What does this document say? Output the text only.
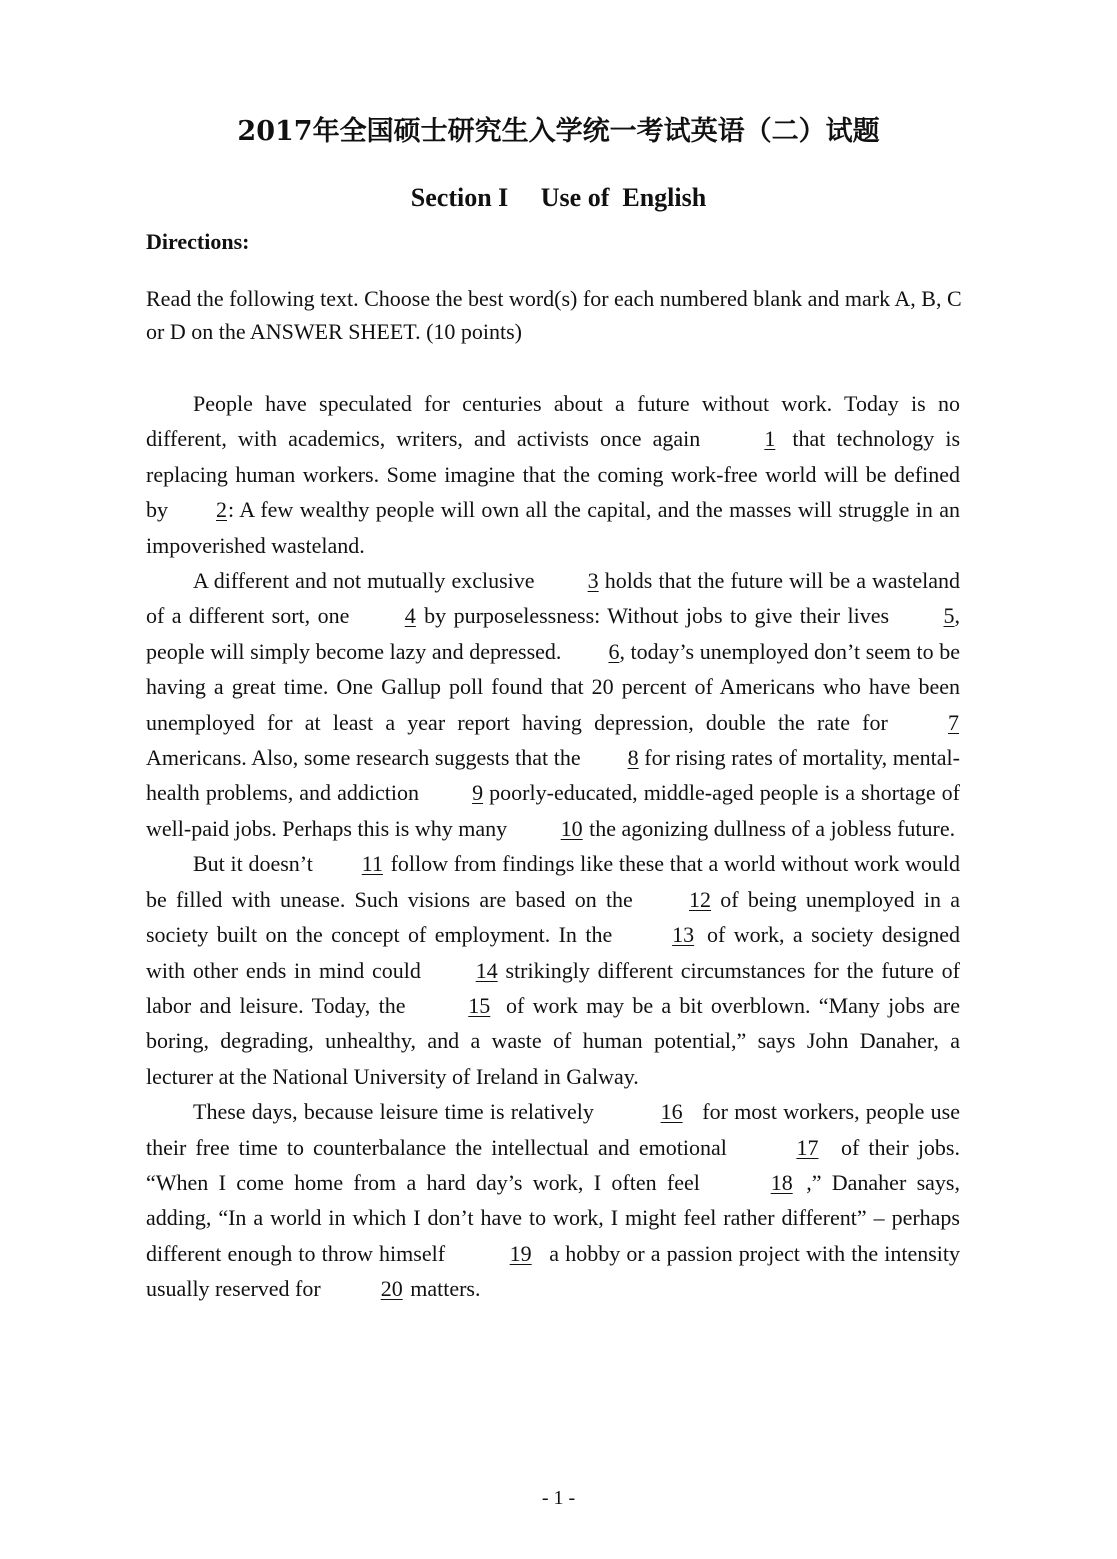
2017年全国硕士研究生入学统一考试英语（二）试题
Section I     Use of  English
Directions:
Read the following text. Choose the best word(s) for each numbered blank and mark A, B, C or D on the ANSWER SHEET. (10 points)

People have speculated for centuries about a future without work. Today is no different, with academics, writers, and activists once again 1 that technology is replacing human workers. Some imagine that the coming work-free world will be defined by 2: A few wealthy people will own all the capital, and the masses will struggle in an impoverished wasteland.

A different and not mutually exclusive 3 holds that the future will be a wasteland of a different sort, one 4 by purposelessness: Without jobs to give their lives 5, people will simply become lazy and depressed. 6, today’s unemployed don’t seem to be having a great time. One Gallup poll found that 20 percent of Americans who have been unemployed for at least a year report having depression, double the rate for 7 Americans. Also, some research suggests that the 8 for rising rates of mortality, mental-health problems, and addiction 9 poorly-educated, middle-aged people is a shortage of well-paid jobs. Perhaps this is why many 10 the agonizing dullness of a jobless future.

But it doesn’t 11 follow from findings like these that a world without work would be filled with unease. Such visions are based on the 12 of being unemployed in a society built on the concept of employment. In the 13 of work, a society designed with other ends in mind could 14 strikingly different circumstances for the future of labor and leisure. Today, the 15 of work may be a bit overblown. “Many jobs are boring, degrading, unhealthy, and a waste of human potential,” says John Danaher, a lecturer at the National University of Ireland in Galway.

These days, because leisure time is relatively	16 for most workers, people use their free time to counterbalance the intellectual and emotional	17 of their jobs. “When I come home from a hard day’s work, I often feel	18 ,” Danaher says, adding, “In a world in which I don’t have to work, I might feel rather different” – perhaps different enough to throw himself	19 a hobby or a passion project with the intensity usually reserved for 20 matters.

- 1 -
